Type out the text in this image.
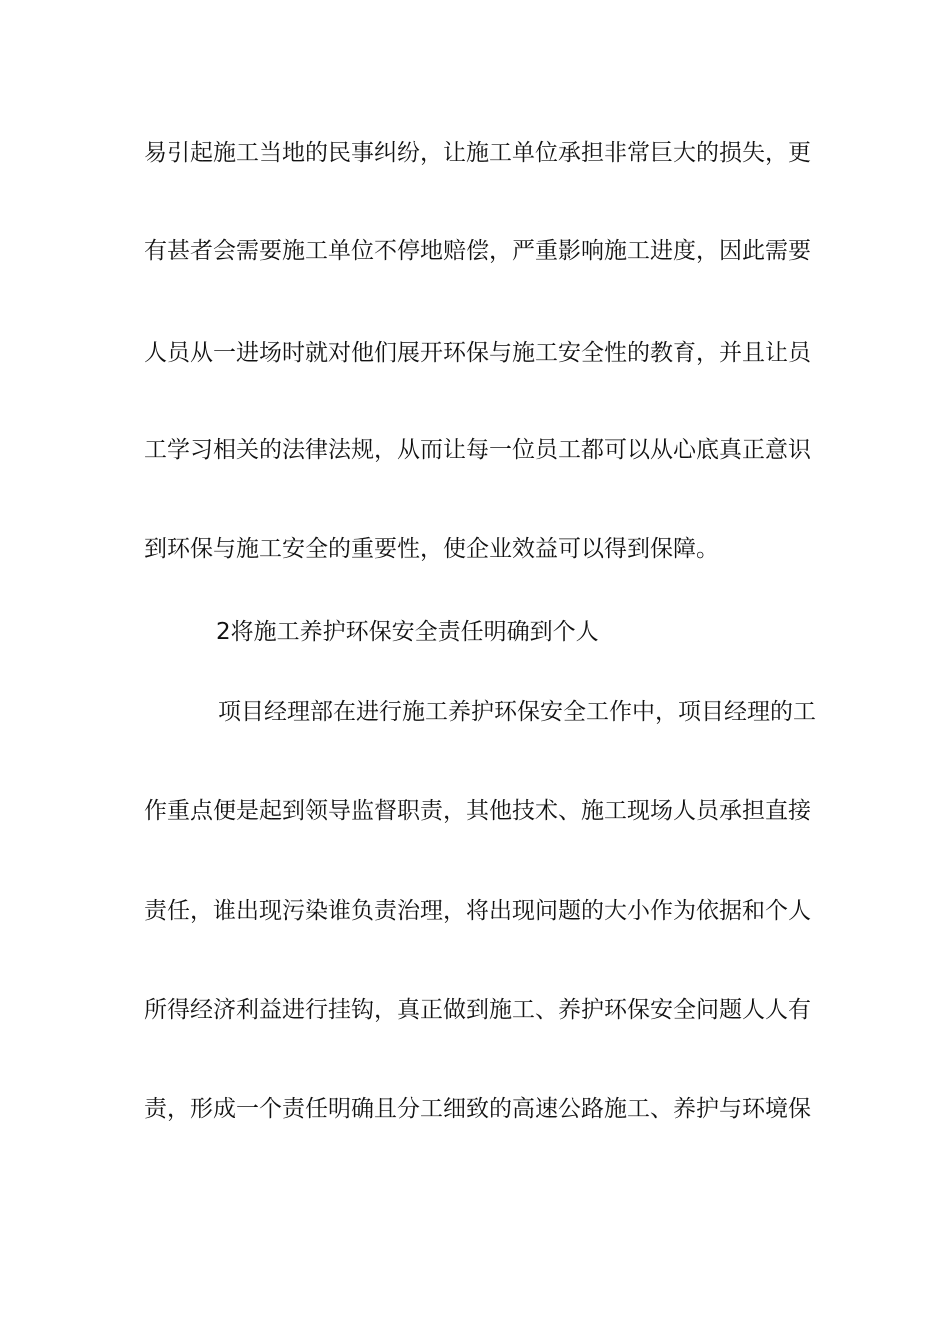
易引起施工当地的民事纠纷，让施工单位承担非常巨大的损失，更
有甚者会需要施工单位不停地赔偿，严重影响施工进度，因此需要
人员从一进场时就对他们展开环保与施工安全性的教育，并且让员
工学习相关的法律法规，从而让每一位员工都可以从心底真正意识
到环保与施工安全的重要性，使企业效益可以得到保障。
2将施工养护环保安全责任明确到个人
项目经理部在进行施工养护环保安全工作中，项目经理的工
作重点便是起到领导监督职责，其他技术、施工现场人员承担直接
责任，谁出现污染谁负责治理，将出现问题的大小作为依据和个人
所得经济利益进行挂钩，真正做到施工、养护环保安全问题人人有
责，形成一个责任明确且分工细致的高速公路施工、养护与环境保
